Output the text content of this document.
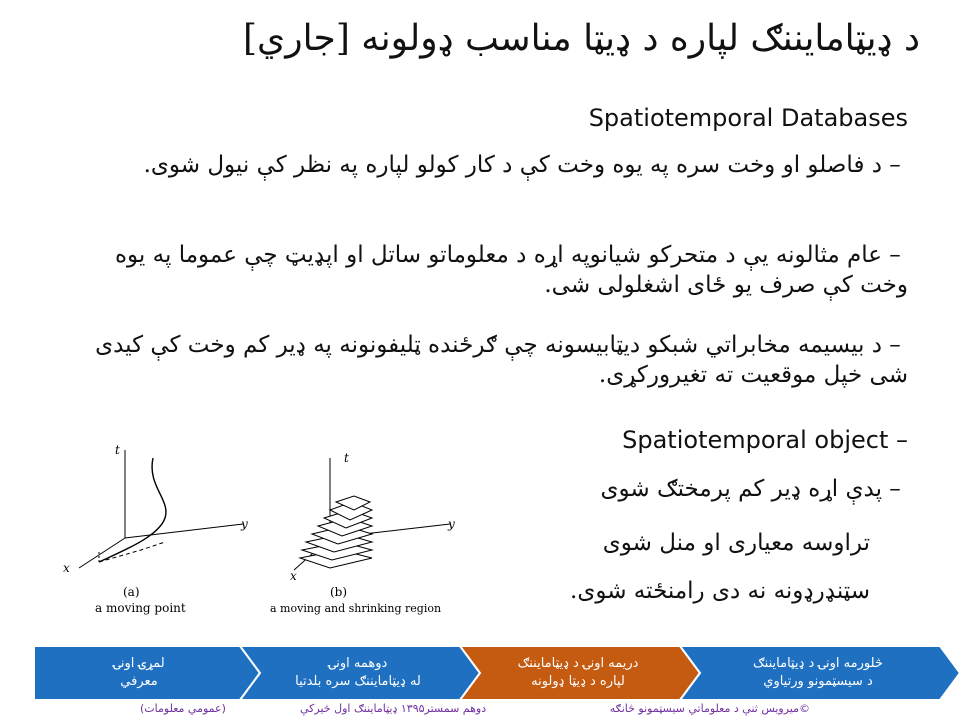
د ډیټامایننګ لپاره د ډیټا مناسب ډولونه [جاري]
Spatiotemporal Databases
–د فاصلو او وخت سره په یوه وخت کې د کار کولو لپاره په نظر کې نیول شوی.
–عام مثالونه یې د متحرکو شیانوپه اړه د معلوماتو ساتل او اپډیټ چې عموما په یوه وخت کې صرف یو ځای اشغلولی شی.
–د بیسیمه مخابراتي شبکو دیټابیسونه چې ګرځنده ټلیفونونه په ډیر کم وخت کې کیدی شی خپل موقعیت ته تغیرورکړی.
Spatiotemporal object –
–پدې اړه ډیر کم پرمختګ شوی
تراوسه معیاری او منل شوی
سټنډرډونه نه دی رامنځته شوی.
t
y
x
(a)
a moving point
t
y
x
(b)
a moving and shrinking region
لمړۍ اونۍ
معرفي
دوهمه اونۍ
له ډیټامایننګ سره بلدتیا
دریمه اونۍ د ډیټامایننګ
لپاره د ډیټا ډولونه
څلورمه اونۍ د ډیټامایننګ
د سیسټمونو ورتیاوي
©ميرويس ثنې د معلوماتي سيسټمونو څانګه
دوهم سمستر۱۳۹۵ ډيټامايننګ اول څيرکې
(عمومي معلومات)
